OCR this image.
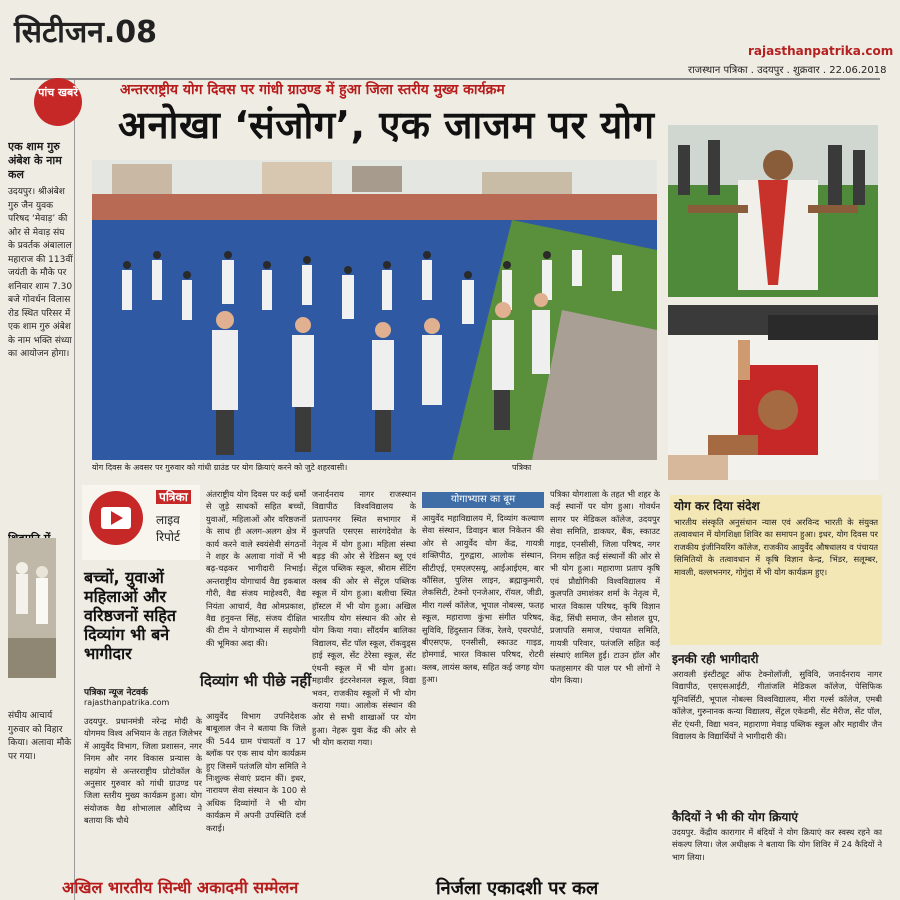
सिटीजन.08
rajasthanpatrika.com
राजस्थान पत्रिका . उदयपुर . शुक्रवार . 22.06.2018
एक शाम गुरु अंबेश के नाम कल
उदयपुर। श्रीअंबेश गुरु जैन युवक परिषद ‘मेवाड़’ की ओर से मेवाड़ संघ के प्रवर्तक अंबालाल महाराज की 113वीं जयंती के मौके पर शनिवार शाम 7.30 बजे गोवर्धन विलास रोड स्थित परिसर में एक शाम गुरु अंबेश के नाम भक्ति संध्या का आयोजन होगा।
संघीय आचार्य गुरुवार को विहार किया। अलावा मौके पर गया।
पांच खबरें	अन्तरराष्ट्रीय योग दिवस पर गांधी ग्राउण्ड में हुआ जिला स्तरीय मुख्य कार्यक्रम
अनोखा ‘संजोग’, एक जाजम पर योग
योग दिवस के अवसर पर गुरुवार को गांधी ग्राउंड पर योग क्रियाएं करने को जुटे शहरवासी।	पत्रिका
पत्रिका
लाइव रिपोर्ट
बच्चों, युवाओं महिलाओं और वरिष्ठजनों सहित दिव्यांग भी बने भागीदार
पत्रिका न्यूज नेटवर्क
rajasthanpatrika.com
उदयपुर. प्रधानमंत्री नरेन्द्र मोदी के योगमय विश्व अभियान के तहत जिलेभर में आयुर्वेद विभाग, जिला प्रशासन, नगर निगम और नगर विकास प्रन्यास के सहयोग से अन्तरराष्ट्रीय प्रोटोकॉल के अनुसार गुरुवार को गांधी ग्राउण्ड पर जिला स्तरीय मुख्य कार्यक्रम हुआ। योग संयोजक वैद्य शोभालाल औदिच्य ने बताया कि चौथे
अंतराष्ट्रीय योग दिवस पर कई धर्मों से जुड़े साधकों सहित बच्चों, युवाओं, महिलाओं और वरिष्ठजनों के साथ ही अलग-अलग क्षेत्र में कार्य करने वाले स्वयंसेवी संगठनों ने शहर के अलावा गांवों में भी बढ़-चढ़कर भागीदारी निभाई। अन्तराष्ट्रीय योगाचार्य वैद्य इकबाल गौरी, वैद्य संजय माहेश्वरी, वैद्य नियंता आचार्य, वैद्य ओमप्रकाश, वैद्य हनुवन्त सिंह, संजय दीक्षित की टीम ने योगाभ्यास में सहयोगी की भूमिका अदा की।
दिव्यांग भी पीछे नहीं
आयुर्वेद विभाग उपनिदेशक बाबूलाल जैन ने बताया कि जिले की 544 ग्राम पंचायतों व 17 ब्लॉक पर एक साथ योग कार्यक्रम हुए जिसमें पतंजलि योग समिति ने निःशुल्क सेवाएं प्रदान कीं। इधर, नारायण सेवा संस्थान के 100 से अधिक दिव्यांगों ने भी योग कार्यक्रम में अपनी उपस्थिति दर्ज कराई।
जनार्दनराय नागर राजस्थान विद्यापीठ विश्वविद्यालय के प्रतापनगर स्थित सभागार में कुलपति एसएस सारंगदेवोत के नेतृत्व में योग हुआ। महिला संस्था बड़ड़ की ओर से रेडिसन ब्लू एवं सेंट्रल पब्लिक स्कूल, श्रीराम सेंटिंग क्लब की ओर से सेंट्रल पब्लिक स्कूल में योग हुआ। बलीचा स्थित हॉस्टल में भी योग हुआ। अखिल भारतीय योग संस्थान की ओर से योग किया गया। सौंदर्यम बालिका विद्यालय, सेंट पॉल स्कूल, रॉकवुड्स हाई स्कूल, सेंट टेरेसा स्कूल, सेंट एंथनी स्कूल में भी योग हुआ। महावीर इंटरनेशनल स्कूल, विद्या भवन, राजकीय स्कूलों में भी योग कराया गया। आलोक संस्थान की ओर से सभी शाखाओं पर योग हुआ। नेहरू युवा केंद्र की ओर से भी योग कराया गया।
योगाभ्यास का बूम
आयुर्वेद महाविद्यालय में, दिव्यांग कल्याण सेवा संस्थान, डिवाइन बाल निकेतन की ओर से आयुर्वेद योग केंद्र, गायत्री शक्तिपीठ, गुरुद्वारा, आलोक संस्थान, सीटीएई, एमएलएसयू, आईआईएम, बार कौंसिल, पुलिस लाइन, ब्रह्माकुमारी, लेकसिटी, टेक्नो एनजेआर, रॉयल, जीडी, मीरा गर्ल्स कॉलेज, भूपाल नोबल्स, फतह स्कूल, महाराणा कुंभा संगीत परिषद, सुविवि, हिंदुस्तान जिंक, रेलवे, एयरपोर्ट, बीएसएफ, एनसीसी, स्काउट गाइड, होमगार्ड, भारत विकास परिषद, रोटरी क्लब, लायंस क्लब, सहित कई जगह योग हुआ।
पत्रिका योगशाला के तहत भी शहर के कई स्थानों पर योग हुआ। गोवर्धन सागर पर मेडिकल कॉलेज, उदयपुर सेवा समिति, डाकघर, बैंक, स्काउट गाइड, एनसीसी, जिला परिषद, नगर निगम सहित कई संस्थानों की ओर से भी योग हुआ। महाराणा प्रताप कृषि एवं प्रौद्योगिकी विश्वविद्यालय में कुलपति उमाशंकर शर्मा के नेतृत्व में, भारत विकास परिषद, कृषि विज्ञान केंद्र, सिंधी समाज, जैन सोशल ग्रुप, प्रजापति समाज, पंचायत समिति, गायत्री परिवार, पतंजलि सहित कई संस्थाएं शामिल हुईं। टाउन हॉल और फतहसागर की पाल पर भी लोगों ने योग किया।
योग कर दिया संदेश
भारतीय संस्कृति अनुसंधान न्यास एवं अरविन्द भारती के संयुक्त तत्वावधान में योगशिक्षा शिविर का समापन हुआ। इधर, योग दिवस पर राजकीय इंजीनियरिंग कॉलेज, राजकीय आयुर्वेद औषधालय व पंचायत सिमितियों के तत्वावधान में कृषि विज्ञान केन्द्र, भिंडर, सलूम्बर, मावली, वल्लभनगर, गोगुंदा में भी योग कार्यक्रम हुए।
इनकी रही भागीदारी
अरावली इंस्टीट्यूट ऑफ टेक्नोलॉजी, सुविवि, जनार्दनराय नागर विद्यापीठ, एसएसआईटी, गीतांजलि मेडिकल कॉलेज, पेसिफिक यूनिवर्सिटी, भूपाल नोबल्स विश्वविद्यालय, मीरा गर्ल्स कॉलेज, एमबी कॉलेज, गुरुनानक कन्या विद्यालय, सेंट्रल एकेडमी, सेंट मेरीज, सेंट पॉल, सेंट एंथनी, विद्या भवन, महाराणा मेवाड़ पब्लिक स्कूल और महावीर जैन विद्यालय के विद्यार्थियों ने भागीदारी की।
कैदियों ने भी की योग क्रियाएं
उदयपुर. केंद्रीय कारागार में बंदियों ने योग क्रियाएं कर स्वस्थ रहने का संकल्प लिया। जेल अधीक्षक ने बताया कि योग शिविर में 24 कैदियों ने भाग लिया।
अखिल भारतीय सिन्धी अकादमी सम्मेलन	निर्जला एकादशी पर कल
